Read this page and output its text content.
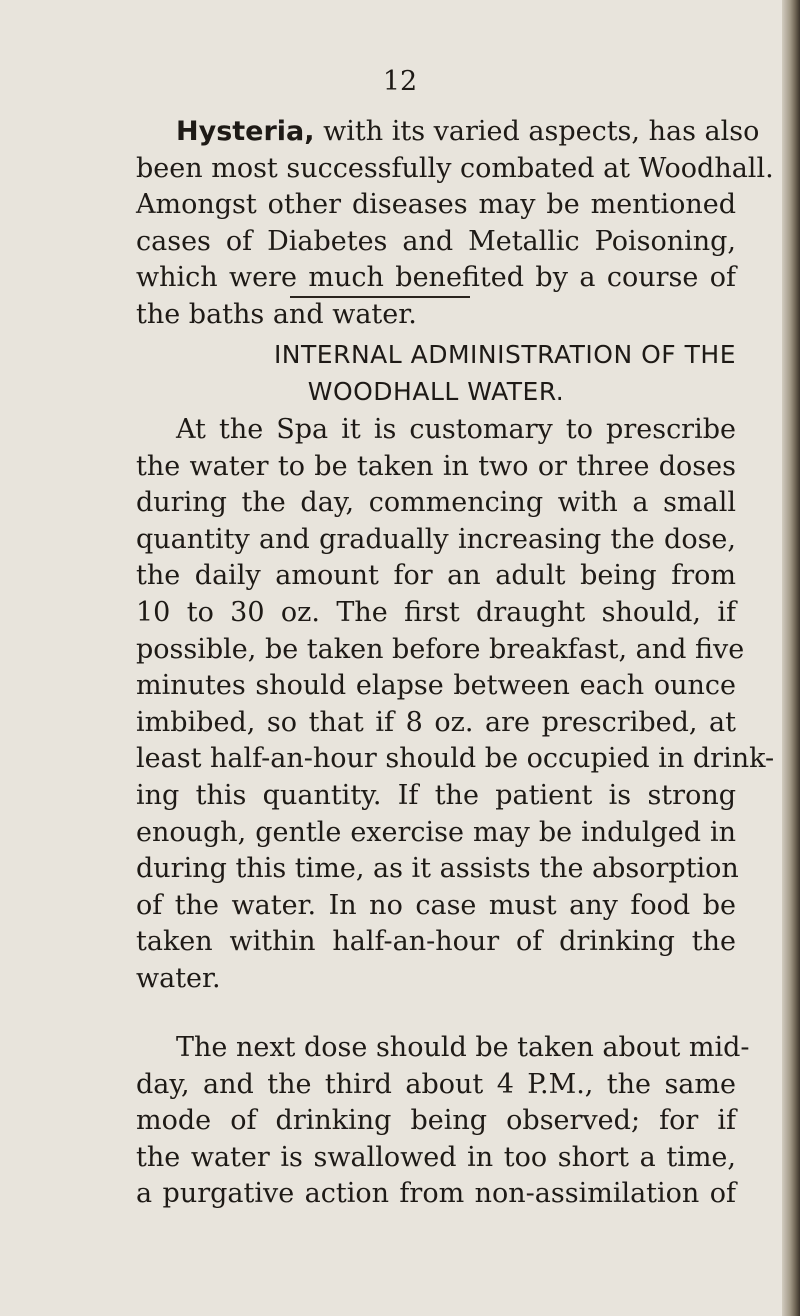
12
Hysteria, with its varied aspects, has also
been most successfully combated at Woodhall.
Amongst other diseases may be mentioned
cases of Diabetes and Metallic Poisoning,
which were much benefited by a course of
the baths and water.
INTERNAL ADMINISTRATION OF THE
WOODHALL WATER.
At the Spa it is customary to prescribe
the water to be taken in two or three doses
during the day, commencing with a small
quantity and gradually increasing the dose,
the daily amount for an adult being from
10 to 30 oz. The first draught should, if
possible, be taken before breakfast, and five
minutes should elapse between each ounce
imbibed, so that if 8 oz. are prescribed, at
least half-an-hour should be occupied in drink-
ing this quantity. If the patient is strong
enough, gentle exercise may be indulged in
during this time, as it assists the absorption
of the water. In no case must any food be
taken within half-an-hour of drinking the
water.
The next dose should be taken about mid-
day, and the third about 4 P.M., the same
mode of drinking being observed; for if
the water is swallowed in too short a time,
a purgative action from non-assimilation of
